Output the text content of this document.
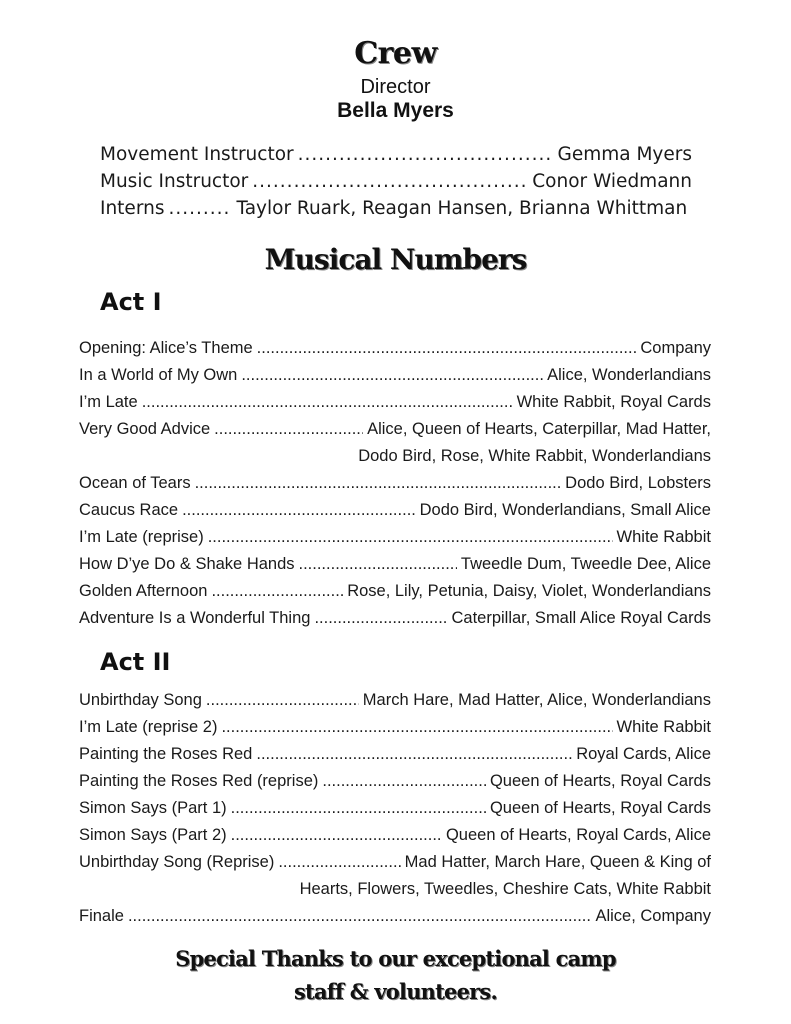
Crew
Director
Bella Myers
Movement Instructor .....	Gemma Myers
Music Instructor .....	Conor Wiedmann
Interns .....	Taylor Ruark, Reagan Hansen, Brianna Whittman
Musical Numbers
Act I
Opening: Alice’s Theme .....	Company
In a World of My Own .....	Alice, Wonderlandians
I’m Late .....	White Rabbit, Royal Cards
Very Good Advice .....	Alice, Queen of Hearts, Caterpillar, Mad Hatter,
Dodo Bird, Rose, White Rabbit, Wonderlandians
Ocean of Tears .....	Dodo Bird, Lobsters
Caucus Race .....	Dodo Bird, Wonderlandians, Small Alice
I’m Late (reprise) .....	White Rabbit
How D’ye Do & Shake Hands .....	Tweedle Dum, Tweedle Dee, Alice
Golden Afternoon .....	Rose, Lily, Petunia, Daisy, Violet, Wonderlandians
Adventure Is a Wonderful Thing .....	Caterpillar, Small Alice Royal Cards
Act II
Unbirthday Song .....	March Hare, Mad Hatter, Alice, Wonderlandians
I’m Late (reprise 2) .....	White Rabbit
Painting the Roses Red .....	Royal Cards, Alice
Painting the Roses Red (reprise) .....	Queen of Hearts, Royal Cards
Simon Says (Part 1) .....	Queen of Hearts, Royal Cards
Simon Says (Part 2) .....	Queen of Hearts, Royal Cards, Alice
Unbirthday Song (Reprise) .....	Mad Hatter, March Hare, Queen & King of
Hearts, Flowers, Tweedles, Cheshire Cats, White Rabbit
Finale .....	Alice, Company
Special Thanks to our exceptional camp
staff & volunteers.
